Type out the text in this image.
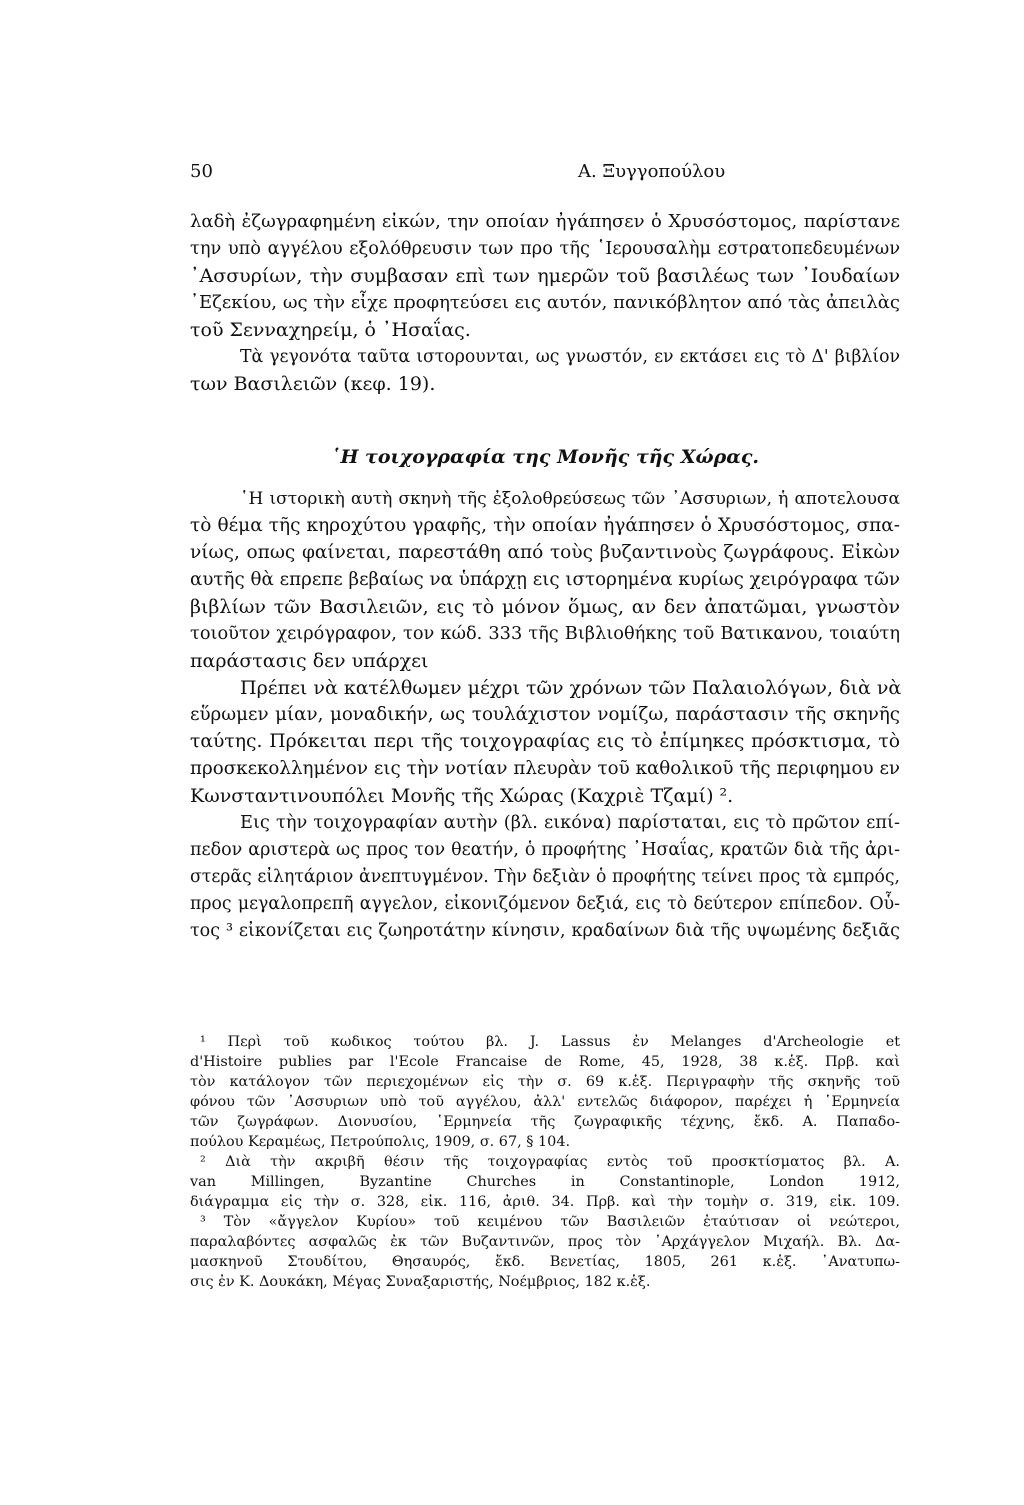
50	Α. Ξυγγοπούλου
λαδὴ ἐζωγραφημένη εἰκών, την οποίαν ἠγάπησεν ὁ Χρυσόστομος, παρίστανε
την υπὸ αγγέλου εξολόθρευσιν των προ τῆς ῾Ιερουσαλὴμ εστρατοπεδευμένων
᾿Ασσυρίων, τὴν συμβασαν επὶ των ημερῶν τοῦ βασιλέως των ᾿Ιουδαίων
᾿Εζεκίου, ως τὴν εἶχε προφητεύσει εις αυτόν, πανικόβλητον από τὰς ἀπειλὰς
τοῦ Σενναχηρείμ, ὁ ᾿Ησαΐας.
Τὰ γεγονότα ταῦτα ιστορουνται, ως γνωστόν, εν εκτάσει εις τὸ Δ' βιβλίον
των Βασιλειῶν (κεφ. 19).
῾Η τοιχογραφία της Μονῆς τῆς Χώρας.
῾Η ιστορικὴ αυτὴ σκηνὴ τῆς ἐξολοθρεύσεως τῶν ᾿Ασσυριων, ἡ αποτελουσα
τὸ θέμα τῆς κηροχύτου γραφῆς, τὴν οποίαν ἠγάπησεν ὁ Χρυσόστομος, σπα-
νίως, οπως φαίνεται, παρεστάθη από τοὺς βυζαντινοὺς ζωγράφους. Εἰκὼν
αυτῆς θὰ επρεπε βεβαίως να ὑπάρχῃ εις ιστορημένα κυρίως χειρόγραφα τῶν
βιβλίων τῶν Βασιλειῶν, εις τὸ μόνον ὅμως, αν δεν ἀπατῶμαι, γνωστὸν
τοιοῦτον χειρόγραφον, τον κώδ. 333 τῆς Βιβλιοθήκης τοῦ Βατικανου, τοιαύτη
παράστασις δεν υπάρχει
Πρέπει νὰ κατέλθωμεν μέχρι τῶν χρόνων τῶν Παλαιολόγων, διὰ νὰ
εὕρωμεν μίαν, μοναδικήν, ως τουλάχιστον νομίζω, παράστασιν τῆς σκηνῆς
ταύτης. Πρόκειται περι τῆς τοιχογραφίας εις τὸ ἐπίμηκες πρόσκτισμα, τὸ
προσκεκολλημένον εις τὴν νοτίαν πλευρὰν τοῦ καθολικοῦ τῆς περιφημου εν
Κωνσταντινουπόλει Μονῆς τῆς Χώρας (Καχριὲ Τζαμί) ².
Εις τὴν τοιχογραφίαν αυτὴν (βλ. εικόνα) παρίσταται, εις τὸ πρῶτον επί-
πεδον αριστερὰ ως προς τον θεατήν, ὁ προφήτης ᾿Ησαΐας, κρατῶν διὰ τῆς ἀρι-
στερᾶς εἰλητάριον ἀνεπτυγμένον. Τὴν δεξιὰν ὁ προφήτης τείνει προς τὰ εμπρός,
προς μεγαλοπρεπῆ αγγελον, εἰκονιζόμενον δεξιά, εις τὸ δεύτερον επίπεδον. Οὗ-
τος ³ εἰκονίζεται εις ζωηροτάτην κίνησιν, κραδαίνων διὰ τῆς υψωμένης δεξιᾶς
¹ Περὶ τοῦ κωδικος τούτου βλ. J. Lassus ἐν Melanges d'Archeologie et
d'Histoire publies par l'Ecole Francaise de Rome, 45, 1928, 38 κ.ἑξ. Πρβ. καὶ
τὸν κατάλογον τῶν περιεχομένων εἰς τὴν σ. 69 κ.ἑξ. Περιγραφὴν τῆς σκηνῆς τοῦ
φόνου τῶν ᾿Ασσυριων υπὸ τοῦ αγγέλου, ἀλλ' εντελῶς διάφορον, παρέχει ἡ ῾Ερμηνεία
τῶν ζωγράφων. Διονυσίου, ῾Ερμηνεία τῆς ζωγραφικῆς τέχνης, ἔκδ. Α. Παπαδο-
πούλου Κεραμέως, Πετρούπολις, 1909, σ. 67, § 104.
² Διὰ τὴν ακριβῆ θέσιν τῆς τοιχογραφίας εντὸς τοῦ προσκτίσματος βλ. Α.
van Millingen, Byzantine Churches in Constantinople, London 1912,
διάγραμμα εἰς τὴν σ. 328, εἰκ. 116, ἀριθ. 34. Πρβ. καὶ τὴν τομὴν σ. 319, εἰκ. 109.
³ Τὸν «ἄγγελον Κυρίου» τοῦ κειμένου τῶν Βασιλειῶν ἐταύτισαν οἱ νεώτεροι,
παραλαβόντες ασφαλῶς ἐκ τῶν Βυζαντινῶν, προς τὸν ᾿Αρχάγγελον Μιχαήλ. Βλ. Δα-
μασκηνοῦ Στουδίτου, Θησαυρός, ἔκδ. Βενετίας, 1805, 261 κ.ἑξ. ᾿Ανατυπω-
σις ἐν Κ. Δουκάκη, Μέγας Συναξαριστής, Νοέμβριος, 182 κ.ἑξ.
